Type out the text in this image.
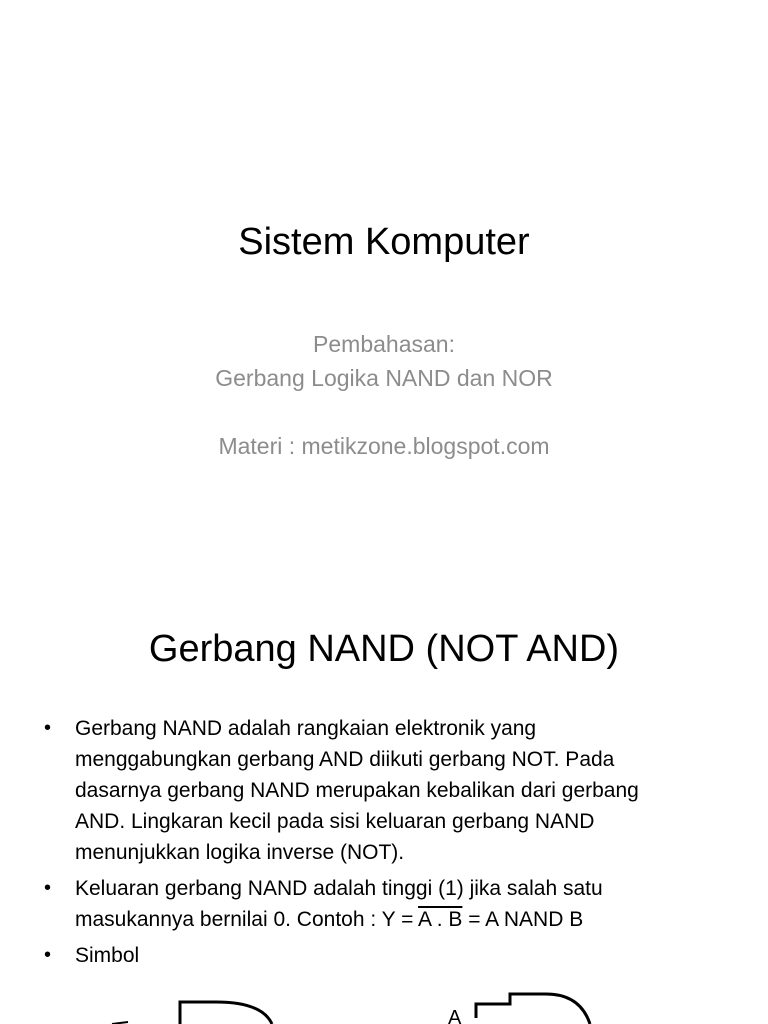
Sistem Komputer
Pembahasan:
Gerbang Logika NAND dan NOR
Materi : metikzone.blogspot.com
Gerbang NAND (NOT AND)
• Gerbang NAND adalah rangkaian elektronik yang
menggabungkan gerbang AND diikuti gerbang NOT. Pada
dasarnya gerbang NAND merupakan kebalikan dari gerbang
AND. Lingkaran kecil pada sisi keluaran gerbang NAND
menunjukkan logika inverse (NOT).
• Keluaran gerbang NAND adalah tinggi (1) jika salah satu
masukannya bernilai 0. Contoh : Y = A . B = A NAND B
• Simbol
A
